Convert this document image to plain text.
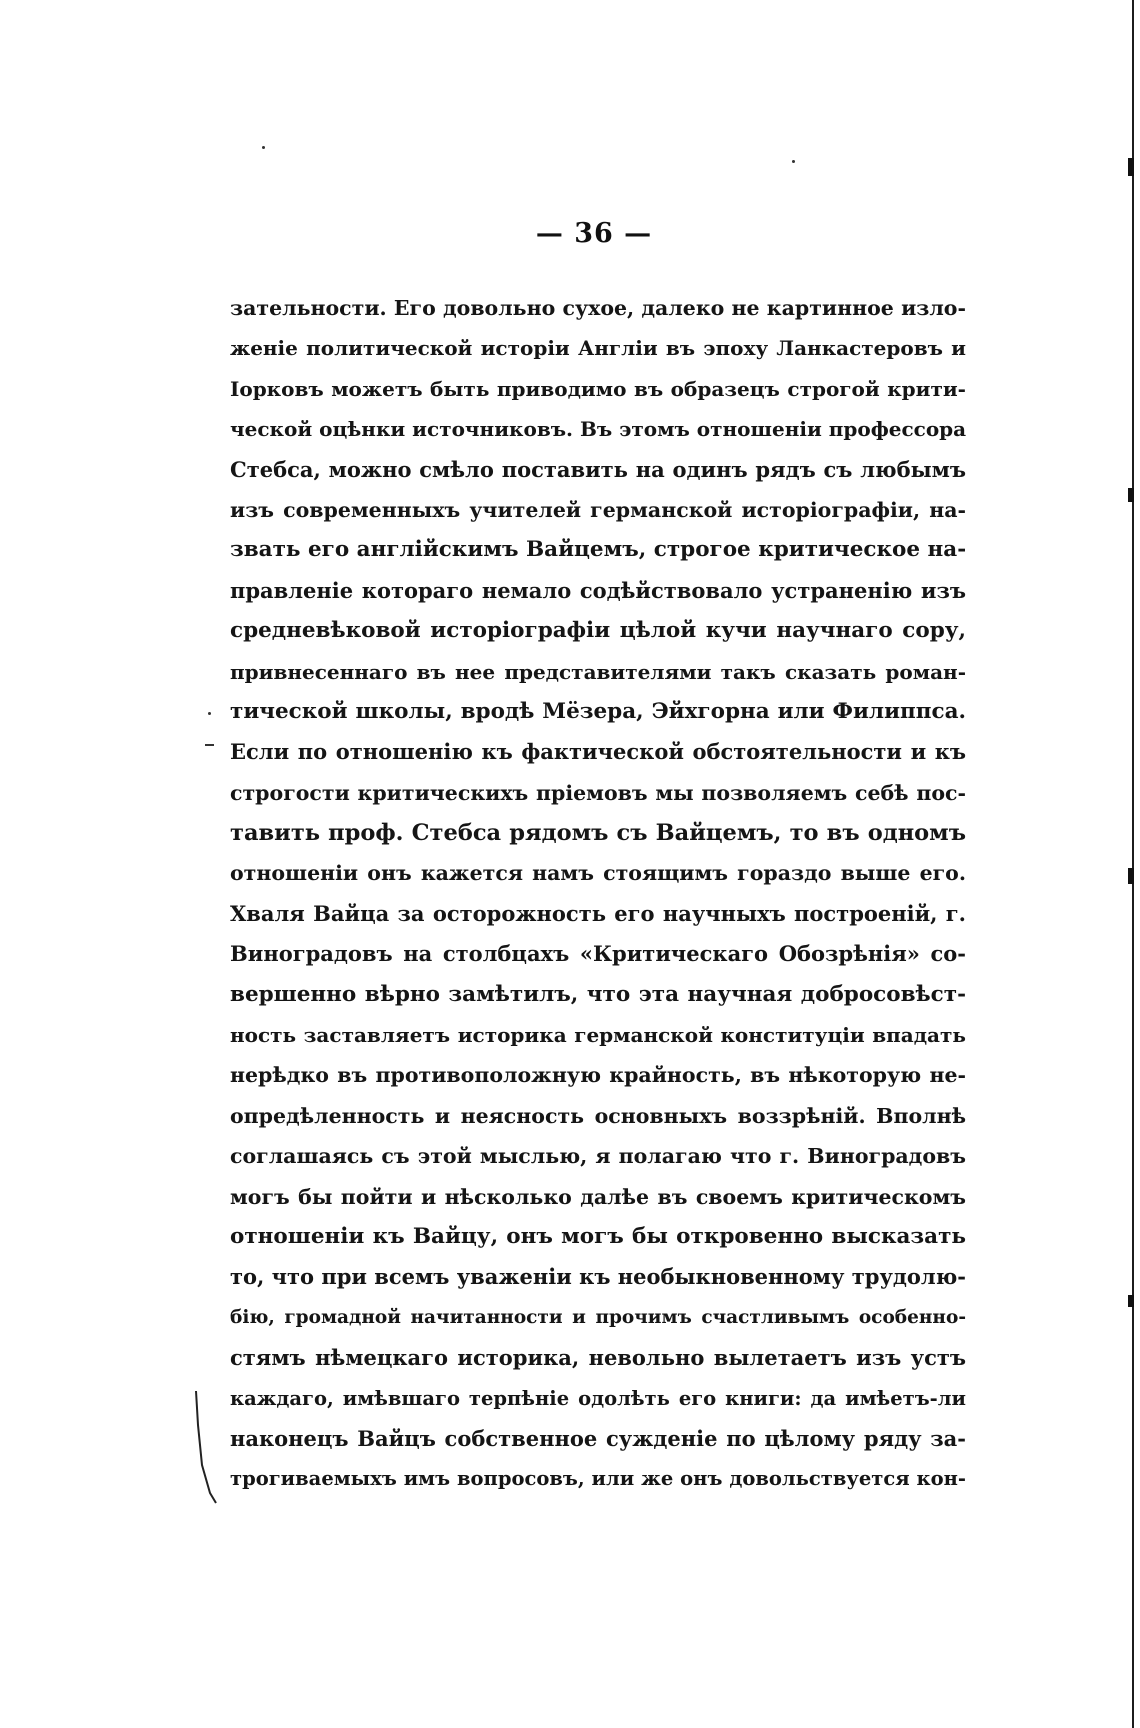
— 36 —
зательности. Его довольно сухое, далеко не картинное изло-
женіе политической исторіи Англіи въ эпоху Ланкастеровъ и
Іорковъ можетъ быть приводимо въ образецъ строгой крити-
ческой оцѣнки источниковъ. Въ этомъ отношеніи профессора
Стебса, можно смѣло поставить на одинъ рядъ съ любымъ
изъ современныхъ учителей германской исторіографіи, на-
звать его англійскимъ Вайцемъ, строгое критическое на-
правленіе котораго немало содѣйствовало устраненію изъ
средневѣковой исторіографіи цѣлой кучи научнаго сору,
привнесеннаго въ нее представителями такъ сказать роман-
тической школы, вродѣ Мёзера, Эйхгорна или Филиппса.
Если по отношенію къ фактической обстоятельности и къ
строгости критическихъ пріемовъ мы позволяемъ себѣ пос-
тавить проф. Стебса рядомъ съ Вайцемъ, то въ одномъ
отношеніи онъ кажется намъ стоящимъ гораздо выше его.
Хваля Вайца за осторожность его научныхъ построеній, г.
Виноградовъ на столбцахъ «Критическаго Обозрѣнія» со-
вершенно вѣрно замѣтилъ, что эта научная добросовѣст-
ность заставляетъ историка германской конституціи впадать
нерѣдко въ противоположную крайность, въ нѣкоторую не-
опредѣленность и неясность основныхъ воззрѣній. Вполнѣ
соглашаясь съ этой мыслью, я полагаю что г. Виноградовъ
могъ бы пойти и нѣсколько далѣе въ своемъ критическомъ
отношеніи къ Вайцу, онъ могъ бы откровенно высказать
то, что при всемъ уваженіи къ необыкновенному трудолю-
бію, громадной начитанности и прочимъ счастливымъ особенно-
стямъ нѣмецкаго историка, невольно вылетаетъ изъ устъ
каждаго, имѣвшаго терпѣніе одолѣть его книги: да имѣетъ-ли
наконецъ Вайцъ собственное сужденіе по цѣлому ряду за-
трогиваемыхъ имъ вопросовъ, или же онъ довольствуется кон-
